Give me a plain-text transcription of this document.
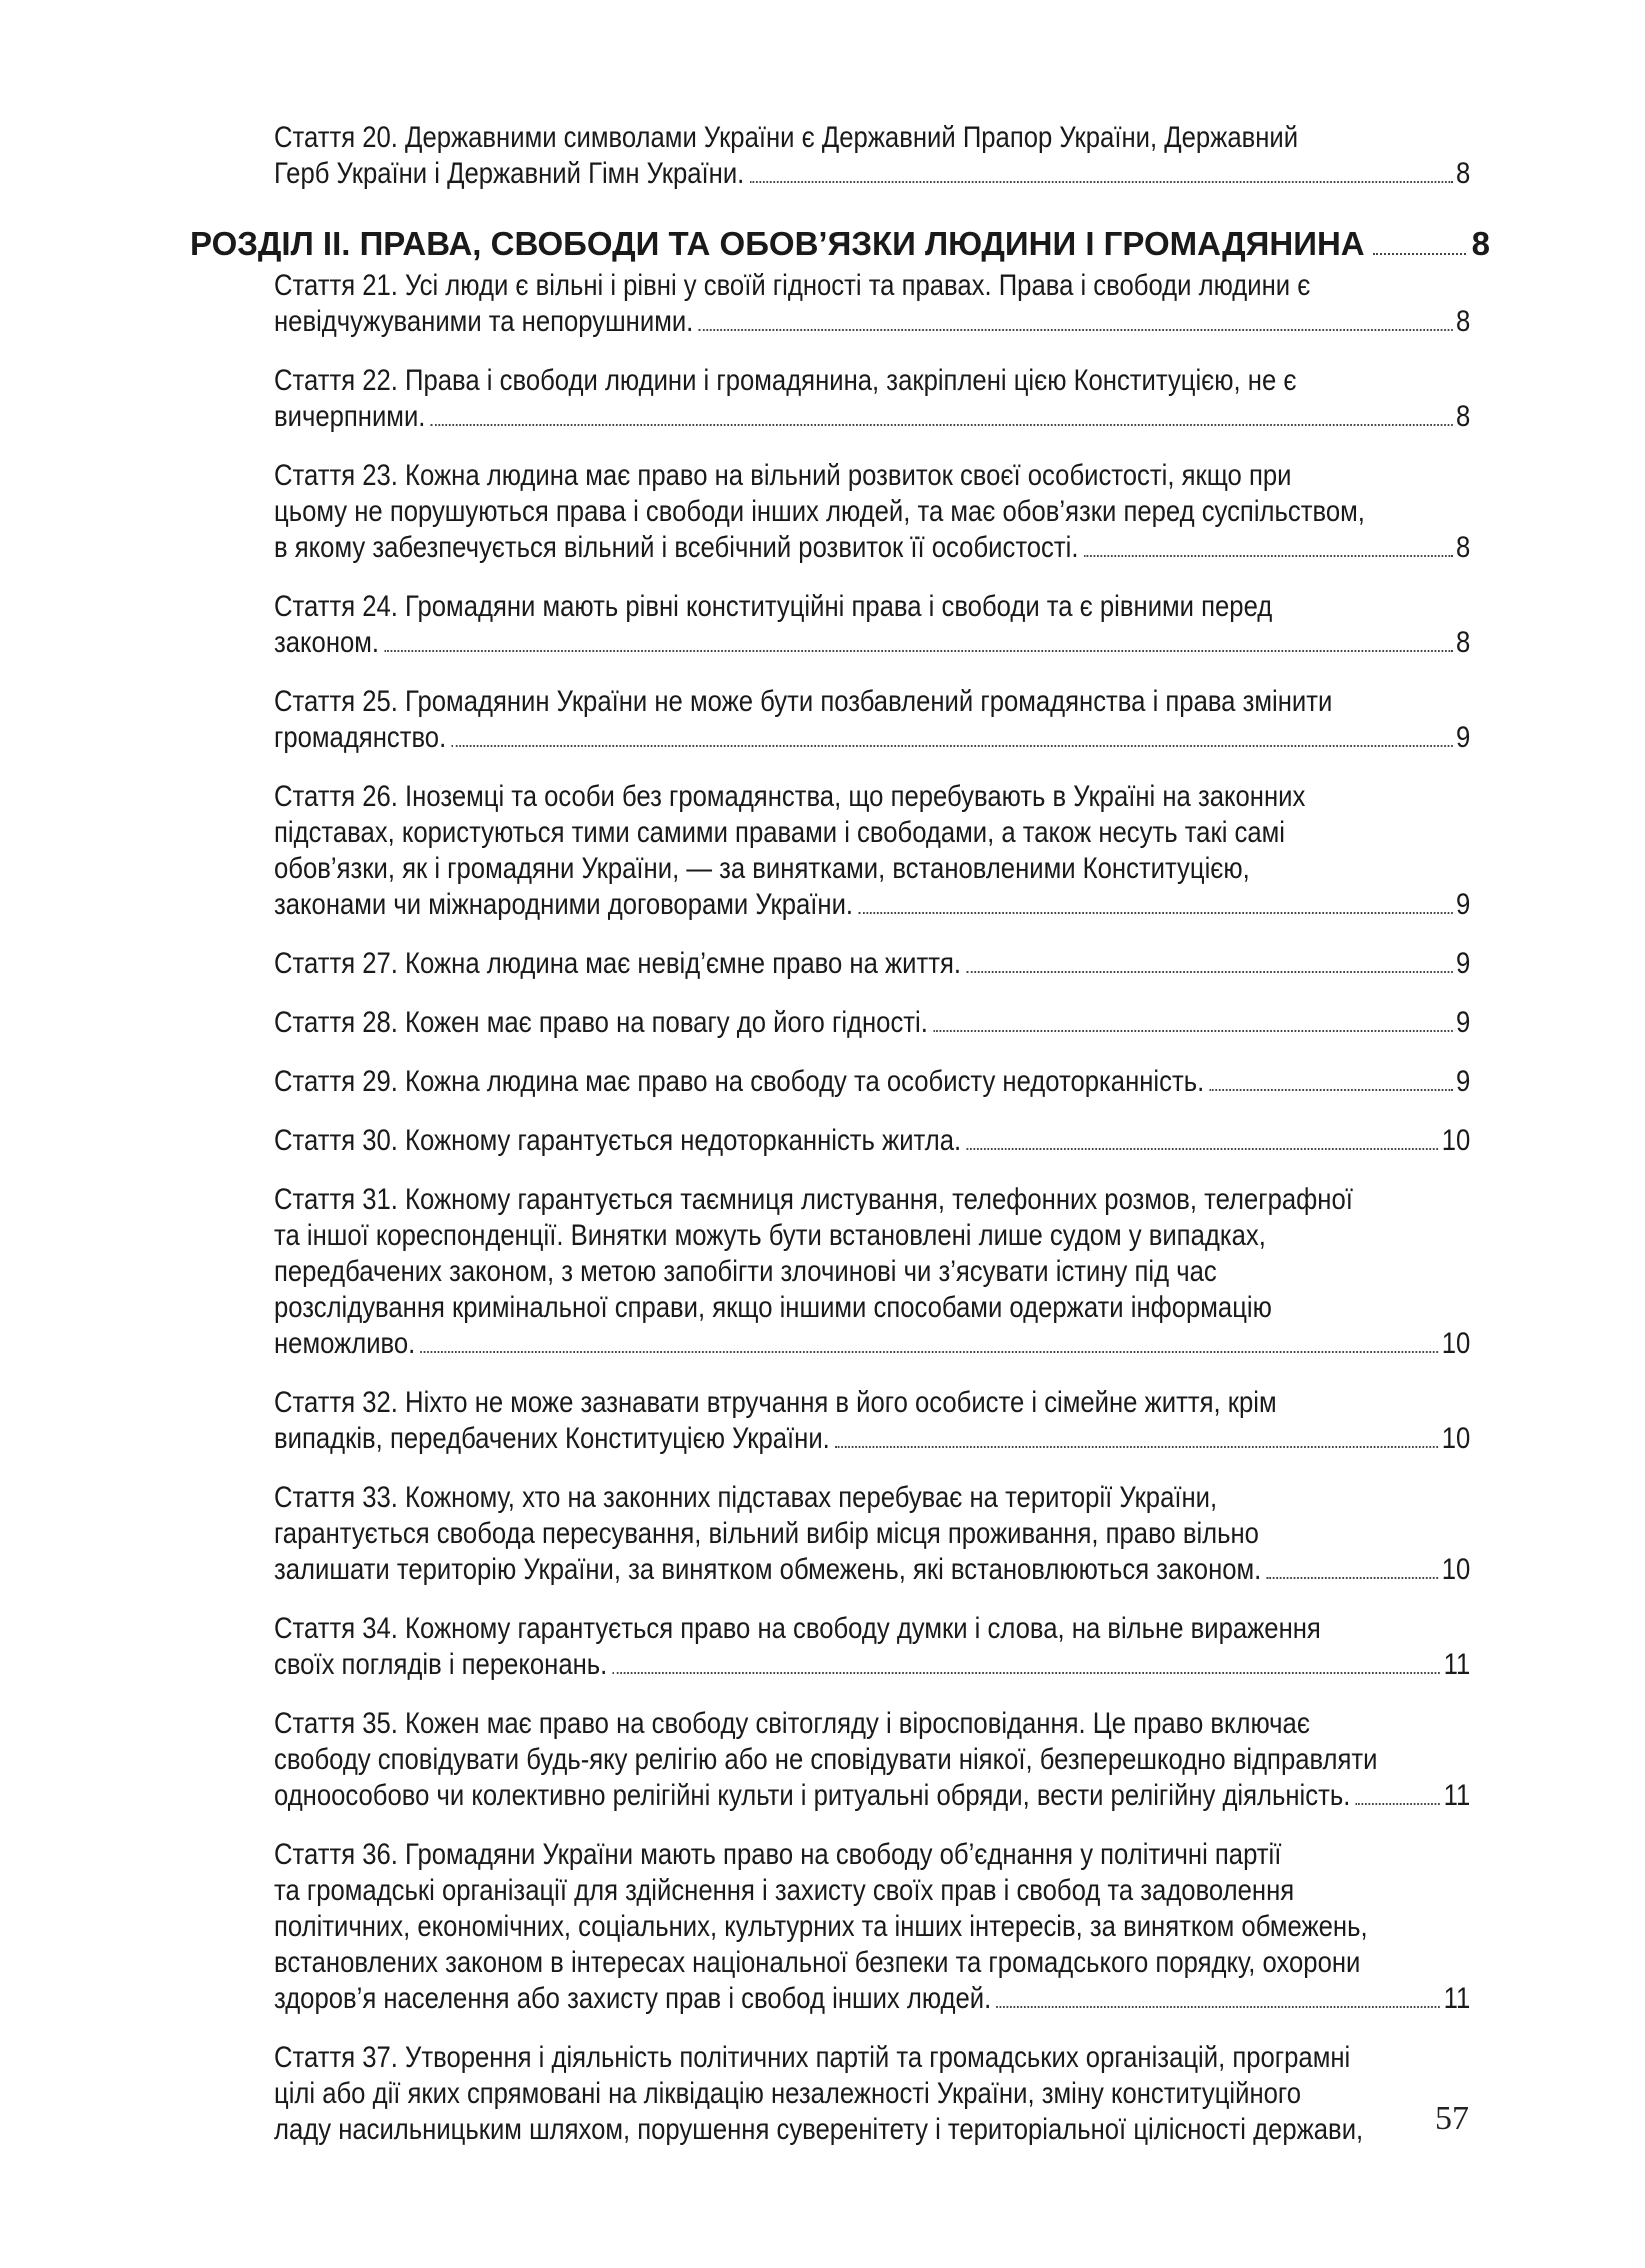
Стаття 20. Державними символами України є Державний Прапор України, Державний
Герб України і Державний Гімн України.	8
РОЗДІЛ ІІ. ПРАВА, СВОБОДИ ТА ОБОВ’ЯЗКИ ЛЮДИНИ І ГРОМАДЯНИНА	8
Стаття 21. Усі люди є вільні і рівні у своїй гідності та правах. Права і свободи людини є
невідчужуваними та непорушними.	8
Стаття 22. Права і свободи людини і громадянина, закріплені цією Конституцією, не є
вичерпними.	8
Стаття 23. Кожна людина має право на вільний розвиток своєї особистості, якщо при
цьому не порушуються права і свободи інших людей, та має обов’язки перед суспільством,
в якому забезпечується вільний і всебічний розвиток її особистості.	8
Стаття 24. Громадяни мають рівні конституційні права і свободи та є рівними перед
законом.	8
Стаття 25. Громадянин України не може бути позбавлений громадянства і права змінити
громадянство.	9
Стаття 26. Іноземці та особи без громадянства, що перебувають в Україні на законних
підставах, користуються тими самими правами і свободами, а також несуть такі самі
обов’язки, як і громадяни України, — за винятками, встановленими Конституцією,
законами чи міжнародними договорами України.	9
Стаття 27. Кожна людина має невід’ємне право на життя.	9
Стаття 28. Кожен має право на повагу до його гідності.	9
Стаття 29. Кожна людина має право на свободу та особисту недоторканність.	9
Стаття 30. Кожному гарантується недоторканність житла.	10
Стаття 31. Кожному гарантується таємниця листування, телефонних розмов, телеграфної
та іншої кореспонденції. Винятки можуть бути встановлені лише судом у випадках,
передбачених законом, з метою запобігти злочинові чи з’ясувати істину під час
розслідування кримінальної справи, якщо іншими способами одержати інформацію
неможливо.	10
Стаття 32. Ніхто не може зазнавати втручання в його особисте і сімейне життя, крім
випадків, передбачених Конституцією України.	10
Стаття 33. Кожному, хто на законних підставах перебуває на території України,
гарантується свобода пересування, вільний вибір місця проживання, право вільно
залишати територію України, за винятком обмежень, які встановлюються законом.	10
Стаття 34. Кожному гарантується право на свободу думки і слова, на вільне вираження
своїх поглядів і переконань.	11
Стаття 35. Кожен має право на свободу світогляду і віросповідання. Це право включає
свободу сповідувати будь-яку релігію або не сповідувати ніякої, безперешкодно відправляти
одноособово чи колективно релігійні культи і ритуальні обряди, вести релігійну діяльність.	11
Стаття 36. Громадяни України мають право на свободу об’єднання у політичні партії
та громадські організації для здійснення і захисту своїх прав і свобод та задоволення
політичних, економічних, соціальних, культурних та інших інтересів, за винятком обмежень,
встановлених законом в інтересах національної безпеки та громадського порядку, охорони
здоров’я населення або захисту прав і свобод інших людей.	11
Стаття 37. Утворення і діяльність політичних партій та громадських організацій, програмні
цілі або дії яких спрямовані на ліквідацію незалежності України, зміну конституційного
ладу насильницьким шляхом, порушення суверенітету і територіальної цілісності держави,	57
